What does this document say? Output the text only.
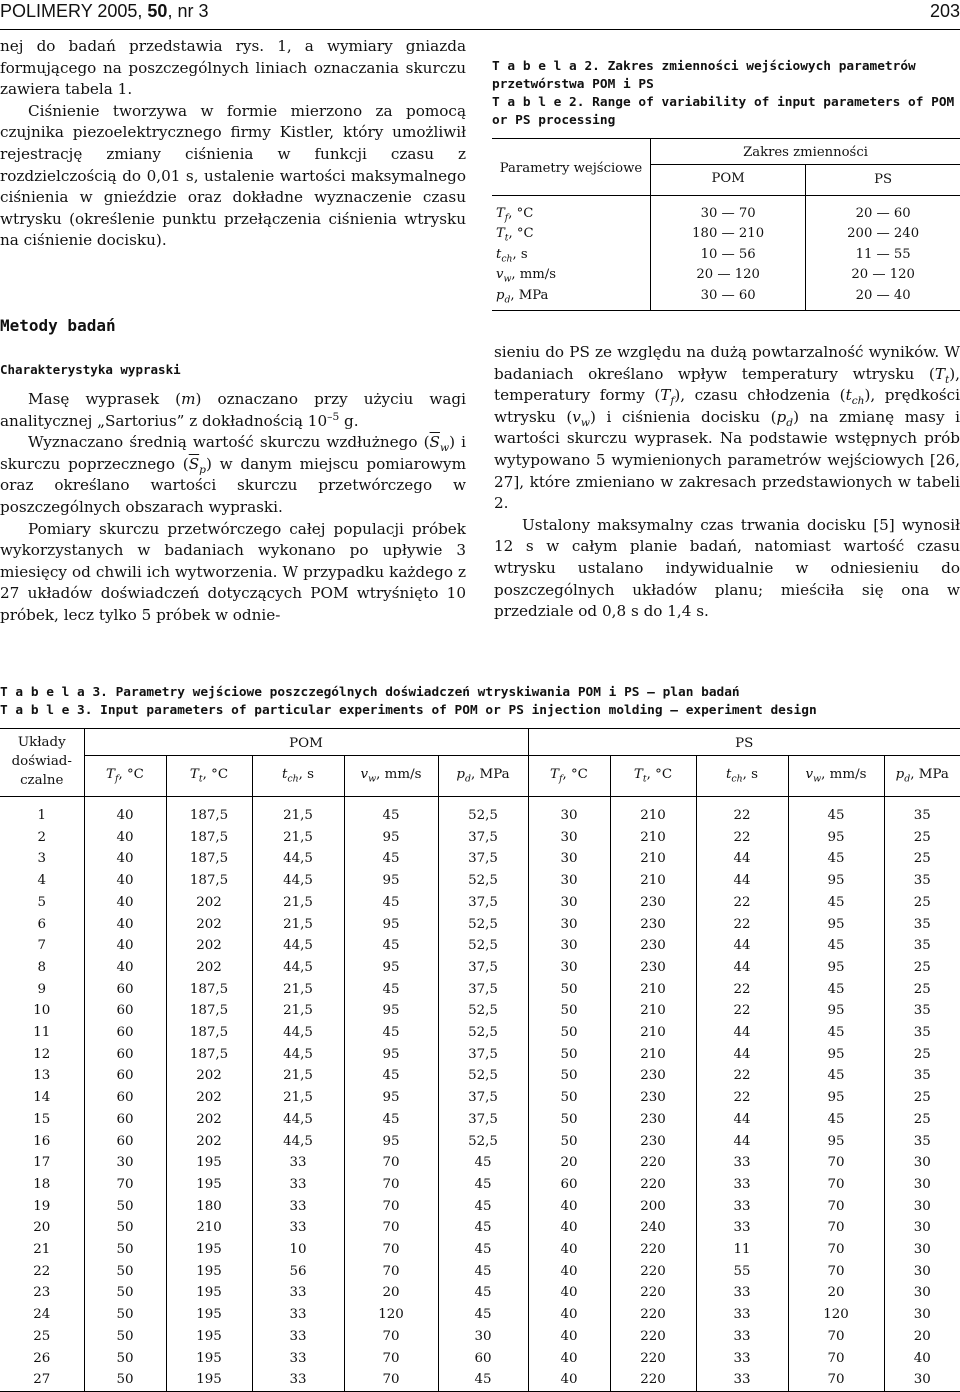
POLIMERY 2005, 50, nr 3	203

nej do badań przedstawia rys. 1, a wymiary gniazda formującego na poszczególnych liniach oznaczania skurczu zawiera tabela 1.

Ciśnienie tworzywa w formie mierzono za pomocą czujnika piezoelektrycznego firmy Kistler, który umożliwił rejestrację zmiany ciśnienia w funkcji czasu z rozdzielczością do 0,01 s, ustalenie wartości maksymalnego ciśnienia w gnieździe oraz dokładne wyznaczenie czasu wtrysku (określenie punktu przełączenia ciśnienia wtrysku na ciśnienie docisku).

Metody badań
Charakterystyka wypraski

Masę wyprasek (m) oznaczano przy użyciu wagi analitycznej „Sartorius” z dokładnością $10^{-5}$ g.

Wyznaczano średnią wartość skurczu wzdłużnego $(\overline{S}_w)$ i skurczu poprzecznego $(\overline{S}_p)$ w danym miejscu pomiarowym oraz określano wartości skurczu przetwórczego w poszczególnych obszarach wypraski.

Pomiary skurczu przetwórczego całej populacji próbek wykorzystanych w badaniach wykonano po upływie 3 miesięcy od chwili ich wytworzenia. W przypadku każdego z 27 układów doświadczeń dotyczących POM wtryśnięto 10 próbek, lecz tylko 5 próbek w odnie-

T a b e l a 2. Zakres zmienności wejściowych parametrów przetwórstwa POM i PS
T a b l e 2. Range of variability of input parameters of POM or PS processing
Parametry wejściowe	Zakres zmienności	
	POM	PS

$T_f$, °C	30 — 70	20 — 60
$T_t$, °C	180 — 210	200 — 240
$t_{ch}$, s	10 — 56	11 — 55
$v_w$, mm/s	20 — 120	20 — 120
$p_d$, MPa	30 — 60	20 — 40

sieniu do PS ze względu na dużą powtarzalność wyników. W badaniach określano wpływ temperatury wtrysku $(T_t)$, temperatury formy $(T_f)$, czasu chłodzenia $(t_{ch})$, prędkości wtrysku $(v_w)$ i ciśnienia docisku $(p_d)$ na zmianę masy i wartości skurczu wyprasek. Na podstawie wstępnych prób wytypowano 5 wymienionych parametrów wejściowych [26, 27], które zmieniano w zakresach przedstawionych w tabeli 2.

Ustalony maksymalny czas trwania docisku [5] wynosił 12 s w całym planie badań, natomiast wartość czasu wtrysku ustalano indywidualnie w odniesieniu do poszczególnych układów planu; mieściła się ona w przedziale od 0,8 s do 1,4 s.

T a b e l a 3. Parametry wejściowe poszczególnych doświadczeń wtryskiwania POM i PS — plan badań
T a b l e 3. Input parameters of particular experiments of POM or PS injection molding — experiment design
Układy doświad-czalne	POM					PS				
	$T_f$, °C	$T_t$, °C	$t_{ch}$, s	$v_w$, mm/s	$p_d$, MPa	$T_f$, °C	$T_t$, °C	$t_{ch}$, s	$v_w$, mm/s	$p_d$, MPa
1	40	187,5	21,5	45	52,5	30	210	22	45	35
2	40	187,5	21,5	95	37,5	30	210	22	95	25
3	40	187,5	44,5	45	37,5	30	210	44	45	25
4	40	187,5	44,5	95	52,5	30	210	44	95	35
5	40	202	21,5	45	37,5	30	230	22	45	25
6	40	202	21,5	95	52,5	30	230	22	95	35
7	40	202	44,5	45	52,5	30	230	44	45	35
8	40	202	44,5	95	37,5	30	230	44	95	25
9	60	187,5	21,5	45	37,5	50	210	22	45	25
10	60	187,5	21,5	95	52,5	50	210	22	95	35
11	60	187,5	44,5	45	52,5	50	210	44	45	35
12	60	187,5	44,5	95	37,5	50	210	44	95	25
13	60	202	21,5	45	52,5	50	230	22	45	35
14	60	202	21,5	95	37,5	50	230	22	95	25
15	60	202	44,5	45	37,5	50	230	44	45	25
16	60	202	44,5	95	52,5	50	230	44	95	35
17	30	195	33	70	45	20	220	33	70	30
18	70	195	33	70	45	60	220	33	70	30
19	50	180	33	70	45	40	200	33	70	30
20	50	210	33	70	45	40	240	33	70	30
21	50	195	10	70	45	40	220	11	70	30
22	50	195	56	70	45	40	220	55	70	30
23	50	195	33	20	45	40	220	33	20	30
24	50	195	33	120	45	40	220	33	120	30
25	50	195	33	70	30	40	220	33	70	20
26	50	195	33	70	60	40	220	33	70	40
27	50	195	33	70	45	40	220	33	70	30
